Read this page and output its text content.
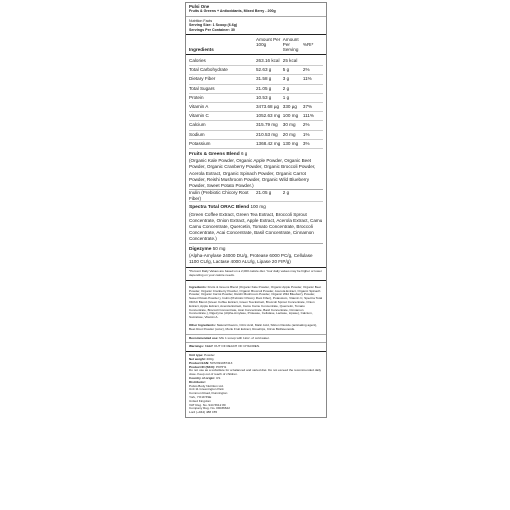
Pulsi One
Fruits & Greens + Antioxidants, Mixed Berry - 200g
Nutrition Facts
Serving Size: 1 Scoop (6.6g)
Servings Per Container: 30
Ingredients	Amount Per 100g	Amount Per Serving	%RI*
Calories	263.16 kcal	25 kcal	
Total Carbohydrate	52.63 g	5 g	2%
Dietary Fiber	31.58 g	3 g	11%
Total Sugars	21.05 g	2 g	
Protein	10.53 g	1 g	
Vitamin A	3473.68 µg	330 µg	37%
Vitamin C	1052.63 mg	100 mg	111%
Calcium	315.79 mg	30 mg	2%
Sodium	210.53 mg	20 mg	1%
Potassium	1368.42 mg	130 mg	3%
Fruits & Greens Blend 6 g
(Organic Kale Powder, Organic Apple Powder, Organic Beet Powder, Organic Cranberry Powder, Organic Broccoli Powder, Acerola Extract, Organic Spinach Powder, Organic Carrot Powder, Reishi Mushroom Powder, Organic Wild Blueberry Powder, Sweet Potato Powder.)
Inulin (Prebiotic Chicory Root Fiber)	21.05 g	2 g	
Spectra Total ORAC Blend 100 mg
(Green Coffee Extract, Green Tea Extract, Broccoli Sprout Concentrate, Onion Extract, Apple Extract, Acerola Extract, Camu Camu Concentrate, Quercetin, Tomato Concentrate, Broccoli Concentrate, Acai Concentrate, Basil Concentrate, Cinnamon Concentrate.)
Digezyme 50 mg
(Alpha-Amylase 24000 DU/g, Protease 6000 PC/g, Cellulase 1100 CU/g, Lactase 4000 ALU/g, Lipase 20 FIP/g)
*Percent Daily Values are based on a 2,000 calorie diet. Your daily values may be higher or lower depending on your calorie needs.
Ingredients: Fruits & Greens Blend (Organic Kale Powder, Organic Apple Powder, Organic Beet Powder, Organic Cranberry Powder, Organic Broccoli Powder, Acerola Extract, Organic Spinach Powder, Organic Carrot Powder, Reishi Mushroom Powder, Organic Wild Blueberry Powder, Sweet Potato Powder.), Inulin (Prebiotic Chicory Root Fiber), Potassium, Vitamin C, Spectra Total ORAC Blend (Green Coffee Extract, Green Tea Extract, Broccoli Sprout Concentrate, Onion Extract, Apple Extract, Acerola Extract, Camu Camu Concentrate, Quercetin, Tomato Concentrate, Broccoli Concentrate, Acai Concentrate, Basil Concentrate, Cinnamon Concentrate.), Digezyme (Alpha-Amylase, Protease, Cellulase, Lactase, Lipase), Calcium, Sucralose, Vitamin A.
Other Ingredients: Natural Flavors, Citric Acid, Malic Acid, Silicon Dioxide (anticaking agent), Beet Root Powder (color), Monk Fruit Extract, Rosehips, Citrus Bioflavonoids.
Recommended use: Mix 1 scoop with 12oz. of cold water.
Warnings: KEEP OUT OF REACH OF CHILDREN.
Unit type: Powder
Net weight: 200g
Product EAN: 5072391087413
Product ID (SKU): PKHH1
Do not use as a substitute for a balanced and varied diet. Do not exceed the recommended daily dose. Keep out of reach of children.
Country of origin: US
Distributor:
Pulsio Body Nutrition Ltd.
Unit 11 Greenington Park
Common Road, Dunnington
York, YO19 5SE
United Kingdom
VAT Reg. No. 944 5612 80
Company Reg. No. 09036622
Lord (+044) 488 155
